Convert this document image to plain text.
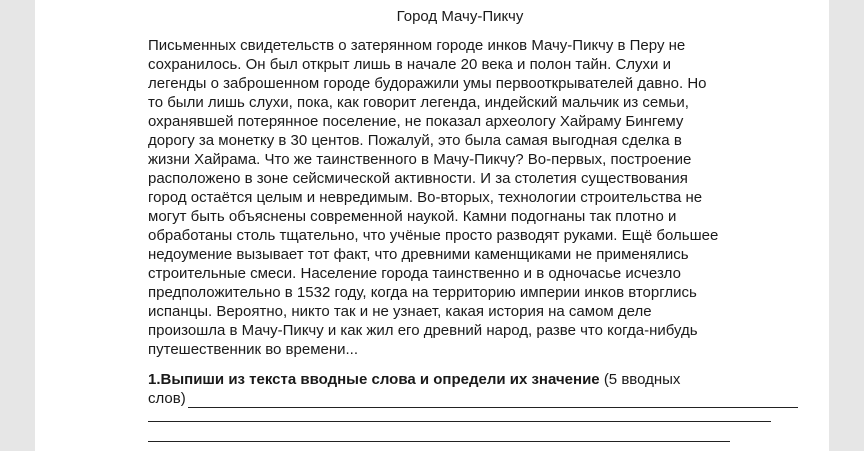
Город Мачу-Пикчу
Письменных свидетельств о затерянном городе инков Мачу-Пикчу в Перу не
сохранилось. Он был открыт лишь в начале 20 века и полон тайн. Слухи и
легенды о заброшенном городе будоражили умы первооткрывателей давно. Но
то были лишь слухи, пока, как говорит легенда, индейский мальчик из семьи,
охранявшей потерянное поселение, не показал археологу Хайраму Бингему
дорогу за монетку в 30 центов. Пожалуй, это была самая выгодная сделка в
жизни Хайрама. Что же таинственного в Мачу-Пикчу? Во-первых, построение
расположено в зоне сейсмической активности. И за столетия существования
город остаётся целым и невредимым. Во-вторых, технологии строительства не
могут быть объяснены современной наукой. Камни подогнаны так плотно и
обработаны столь тщательно, что учёные просто разводят руками. Ещё большее
недоумение вызывает тот факт, что древними каменщиками не применялись
строительные смеси. Население города таинственно и в одночасье исчезло
предположительно в 1532 году, когда на территорию империи инков вторглись
испанцы. Вероятно, никто так и не узнает, какая история на самом деле
произошла в Мачу-Пикчу и как жил его древний народ, разве что когда-нибудь
путешественник во времени...
1.Выпиши из текста вводные слова и определи их значение (5 вводных
слов)
